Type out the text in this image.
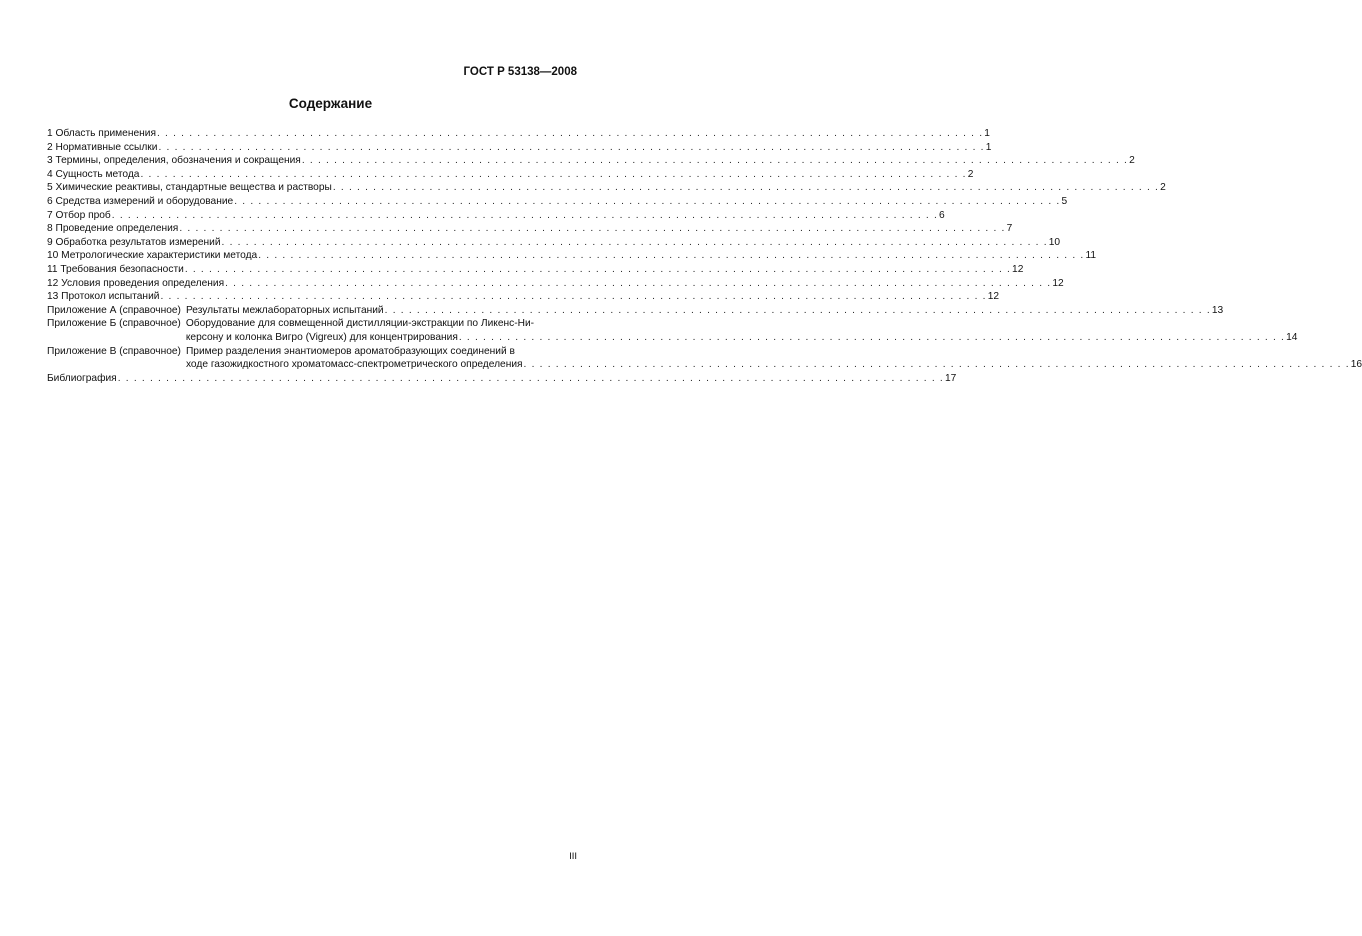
ГОСТ Р 53138—2008
Содержание
1 Область применения . . .	1
2 Нормативные ссылки . . .	1
3 Термины, определения, обозначения и сокращения . . .	2
4 Сущность метода . . .	2
5 Химические реактивы, стандартные вещества и растворы . . .	2
6 Средства измерений и оборудование . . .	5
7 Отбор проб . . .	6
8 Проведение определения . . .	7
9 Обработка результатов измерений . . .	10
10 Метрологические характеристики метода . . .	11
11 Требования безопасности . . .	12
12 Условия проведения определения . . .	12
13 Протокол испытаний . . .	12
Приложение А (справочное) Результаты межлабораторных испытаний . . .	13
Приложение Б (справочное) Оборудование для совмещенной дистилляции-экстракции по Ликенс-Ни-
керсону и колонка Вигро (Vigreux) для концентрирования . . .	14
Приложение В (справочное) Пример разделения энантиомеров ароматобразующих соединений в
ходе газожидкостного хроматомасс-спектрометрического определения . . .	16
Библиография . . .	17
III
